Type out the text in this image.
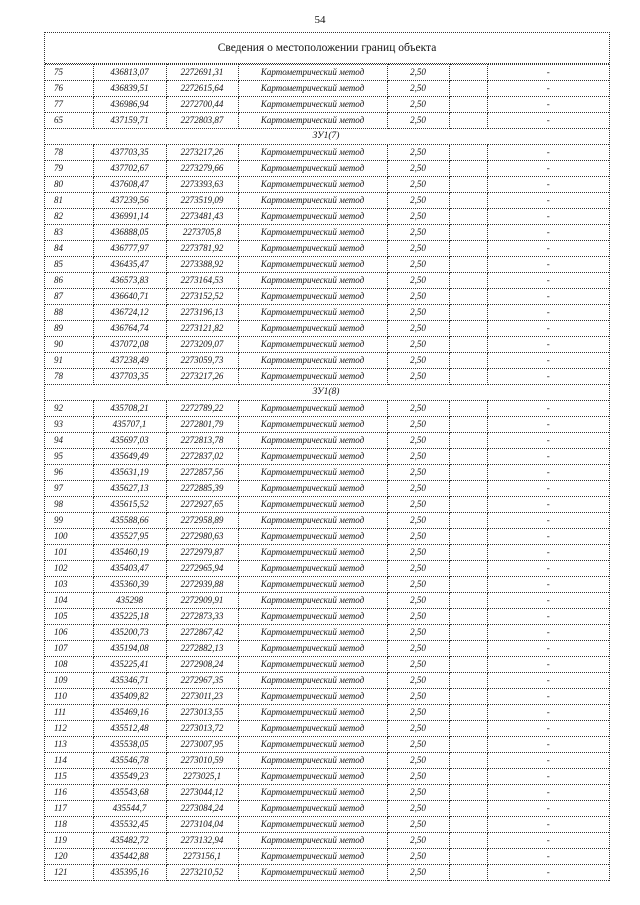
54
Сведения о местоположении границ объекта
75	436813,07	2272691,31	Картометрический метод	2,50		-
76	436839,51	2272615,64	Картометрический метод	2,50		-
77	436986,94	2272700,44	Картометрический метод	2,50		-
65	437159,71	2272803,87	Картометрический метод	2,50		-
ЗУ1(7)						
78	437703,35	2273217,26	Картометрический метод	2,50		-
79	437702,67	2273279,66	Картометрический метод	2,50		-
80	437608,47	2273393,63	Картометрический метод	2,50		-
81	437239,56	2273519,09	Картометрический метод	2,50		-
82	436991,14	2273481,43	Картометрический метод	2,50		-
83	436888,05	2273705,8	Картометрический метод	2,50		-
84	436777,97	2273781,92	Картометрический метод	2,50		-
85	436435,47	2273388,92	Картометрический метод	2,50		-
86	436573,83	2273164,53	Картометрический метод	2,50		-
87	436640,71	2273152,52	Картометрический метод	2,50		-
88	436724,12	2273196,13	Картометрический метод	2,50		-
89	436764,74	2273121,82	Картометрический метод	2,50		-
90	437072,08	2273209,07	Картометрический метод	2,50		-
91	437238,49	2273059,73	Картометрический метод	2,50		-
78	437703,35	2273217,26	Картометрический метод	2,50		-
ЗУ1(8)						
92	435708,21	2272789,22	Картометрический метод	2,50		-
93	435707,1	2272801,79	Картометрический метод	2,50		-
94	435697,03	2272813,78	Картометрический метод	2,50		-
95	435649,49	2272837,02	Картометрический метод	2,50		-
96	435631,19	2272857,56	Картометрический метод	2,50		-
97	435627,13	2272885,39	Картометрический метод	2,50		-
98	435615,52	2272927,65	Картометрический метод	2,50		-
99	435588,66	2272958,89	Картометрический метод	2,50		-
100	435527,95	2272980,63	Картометрический метод	2,50		-
101	435460,19	2272979,87	Картометрический метод	2,50		-
102	435403,47	2272965,94	Картометрический метод	2,50		-
103	435360,39	2272939,88	Картометрический метод	2,50		-
104	435298	2272909,91	Картометрический метод	2,50		-
105	435225,18	2272873,33	Картометрический метод	2,50		-
106	435200,73	2272867,42	Картометрический метод	2,50		-
107	435194,08	2272882,13	Картометрический метод	2,50		-
108	435225,41	2272908,24	Картометрический метод	2,50		-
109	435346,71	2272967,35	Картометрический метод	2,50		-
110	435409,82	2273011,23	Картометрический метод	2,50		-
111	435469,16	2273013,55	Картометрический метод	2,50		-
112	435512,48	2273013,72	Картометрический метод	2,50		-
113	435538,05	2273007,95	Картометрический метод	2,50		-
114	435546,78	2273010,59	Картометрический метод	2,50		-
115	435549,23	2273025,1	Картометрический метод	2,50		-
116	435543,68	2273044,12	Картометрический метод	2,50		-
117	435544,7	2273084,24	Картометрический метод	2,50		-
118	435532,45	2273104,04	Картометрический метод	2,50		-
119	435482,72	2273132,94	Картометрический метод	2,50		-
120	435442,88	2273156,1	Картометрический метод	2,50		-
121	435395,16	2273210,52	Картометрический метод	2,50		-
